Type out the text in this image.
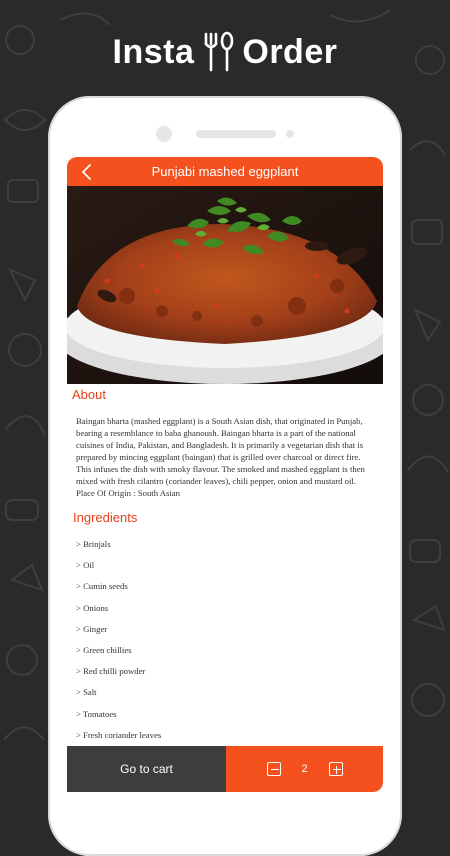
Insta Order
Punjabi mashed eggplant
About

Baingan bharta (mashed eggplant) is a South Asian dish, that originated in Punjab, bearing a resemblance to baba ghanoush. Baingan bharta is a part of the national cuisines of India, Pakistan, and Bangladesh. It is primarily a vegetarian dish that is prepared by mincing eggplant (baingan) that is grilled over charcoal or direct fire. This infuses the dish with smoky flavour. The smoked and mashed eggplant is then mixed with fresh cilantro (coriander leaves), chili pepper, onion and mustard oil. Place Of Origin : South Asian

Ingredients
> Brinjals
> Oil
> Cumin seeds
> Onions
> Ginger
> Green chillies
> Red chilli powder
> Salt
> Tomatoes
> Fresh coriander leaves
Go to cart	2
